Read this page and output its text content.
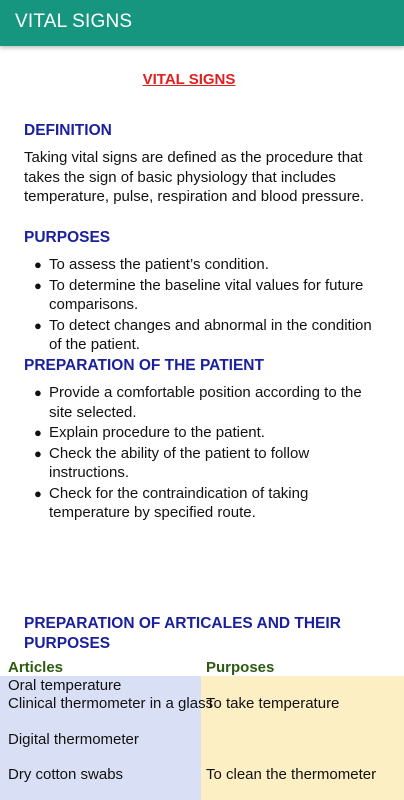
VITAL SIGNS
VITAL SIGNS
DEFINITION

Taking vital signs are defined as the procedure that takes the sign of basic physiology that includes temperature, pulse, respiration and blood pressure.

PURPOSES
● To assess the patient’s condition.
● To determine the baseline vital values for future comparisons.
● To detect changes and abnormal in the condition of the patient.
PREPARATION OF THE PATIENT
● Provide a comfortable position according to the site selected.
● Explain procedure to the patient.
● Check the ability of the patient to follow instructions.
● Check for the contraindication of taking temperature by specified route.
PREPARATION OF ARTICALES AND THEIR PURPOSES
Articles	Purposes
Oral temperature
Clinical thermometer in a glass
Digital thermometer
To take temperature
Dry cotton swabs	To clean the thermometer
